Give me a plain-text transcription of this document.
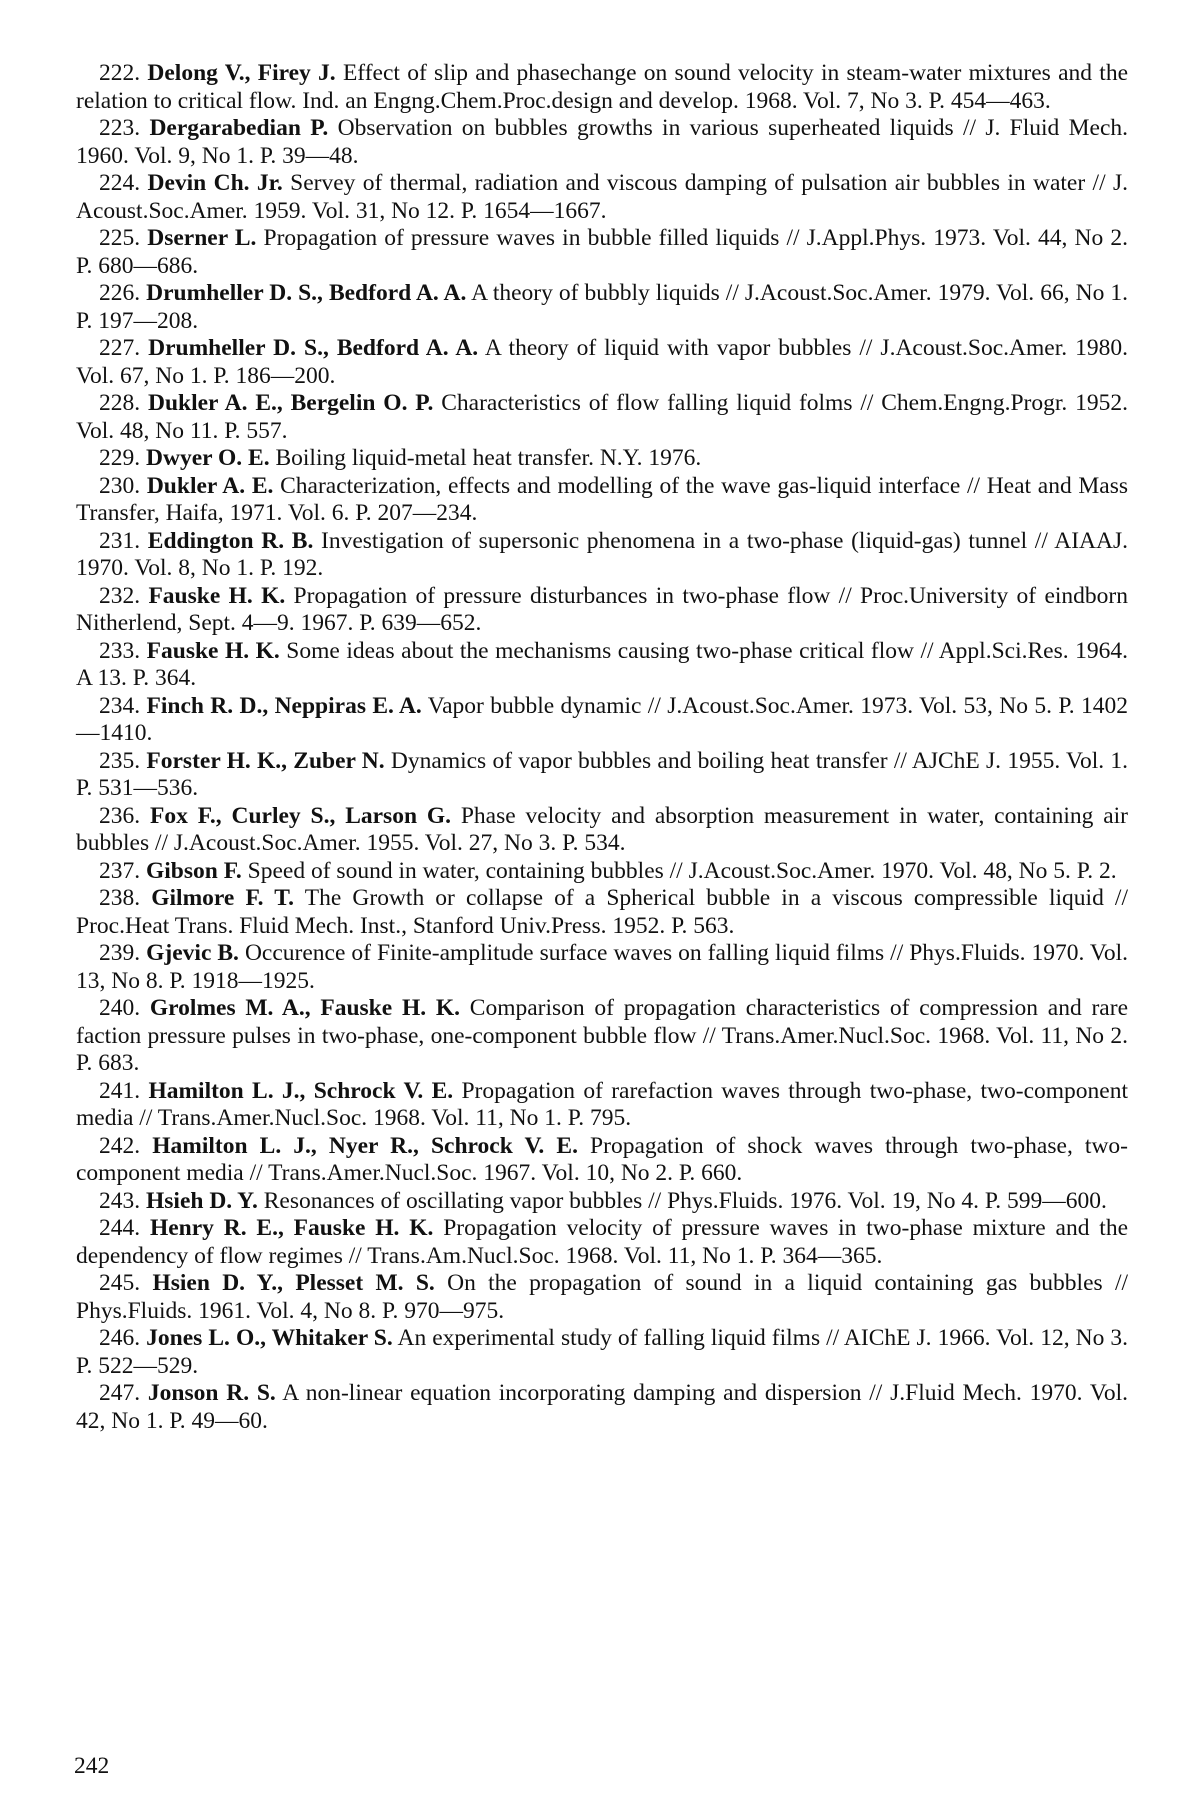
222. Delong V., Firey J. Effect of slip and phasechange on sound velocity in steam-water mixtures and the relation to critical flow. Ind. an Engng.Chem.Proc.design and develop. 1968. Vol. 7, No 3. P. 454—463.
223. Dergarabedian P. Observation on bubbles growths in various superheated liquids // J. Fluid Mech. 1960. Vol. 9, No 1. P. 39—48.
224. Devin Ch. Jr. Servey of thermal, radiation and viscous damping of pulsation air bubbles in water // J. Acoust.Soc.Amer. 1959. Vol. 31, No 12. P. 1654—1667.
225. Dserner L. Propagation of pressure waves in bubble filled liquids // J.Appl.Phys. 1973. Vol. 44, No 2. P. 680—686.
226. Drumheller D. S., Bedford A. A. A theory of bubbly liquids // J.Acoust.Soc.Amer. 1979. Vol. 66, No 1. P. 197—208.
227. Drumheller D. S., Bedford A. A. A theory of liquid with vapor bubbles // J.Acoust.Soc.Amer. 1980. Vol. 67, No 1. P. 186—200.
228. Dukler A. E., Bergelin O. P. Characteristics of flow falling liquid folms // Chem.Engng.Progr. 1952. Vol. 48, No 11. P. 557.
229. Dwyer O. E. Boiling liquid-metal heat transfer. N.Y. 1976.
230. Dukler A. E. Characterization, effects and modelling of the wave gas-liquid interface // Heat and Mass Transfer, Haifa, 1971. Vol. 6. P. 207—234.
231. Eddington R. B. Investigation of supersonic phenomena in a two-phase (liquid-gas) tunnel // AIAAJ. 1970. Vol. 8, No 1. P. 192.
232. Fauske H. K. Propagation of pressure disturbances in two-phase flow // Proc.University of eindborn Nitherlend, Sept. 4—9. 1967. P. 639—652.
233. Fauske H. K. Some ideas about the mechanisms causing two-phase critical flow // Appl.Sci.Res. 1964. A 13. P. 364.
234. Finch R. D., Neppiras E. A. Vapor bubble dynamic // J.Acoust.Soc.Amer. 1973. Vol. 53, No 5. P. 1402—1410.
235. Forster H. K., Zuber N. Dynamics of vapor bubbles and boiling heat transfer // AJChE J. 1955. Vol. 1. P. 531—536.
236. Fox F., Curley S., Larson G. Phase velocity and absorption measurement in water, containing air bubbles // J.Acoust.Soc.Amer. 1955. Vol. 27, No 3. P. 534.
237. Gibson F. Speed of sound in water, containing bubbles // J.Acoust.Soc.Amer. 1970. Vol. 48, No 5. P. 2.
238. Gilmore F. T. The Growth or collapse of a Spherical bubble in a viscous compressible liquid // Proc.Heat Trans. Fluid Mech. Inst., Stanford Univ.Press. 1952. P. 563.
239. Gjevic B. Occurence of Finite-amplitude surface waves on falling liquid films // Phys.Fluids. 1970. Vol. 13, No 8. P. 1918—1925.
240. Grolmes M. A., Fauske H. K. Comparison of propagation characteristics of compression and rare faction pressure pulses in two-phase, one-component bubble flow // Trans.Amer.Nucl.Soc. 1968. Vol. 11, No 2. P. 683.
241. Hamilton L. J., Schrock V. E. Propagation of rarefaction waves through two-phase, two-component media // Trans.Amer.Nucl.Soc. 1968. Vol. 11, No 1. P. 795.
242. Hamilton L. J., Nyer R., Schrock V. E. Propagation of shock waves through two-phase, two-component media // Trans.Amer.Nucl.Soc. 1967. Vol. 10, No 2. P. 660.
243. Hsieh D. Y. Resonances of oscillating vapor bubbles // Phys.Fluids. 1976. Vol. 19, No 4. P. 599—600.
244. Henry R. E., Fauske H. K. Propagation velocity of pressure waves in two-phase mixture and the dependency of flow regimes // Trans.Am.Nucl.Soc. 1968. Vol. 11, No 1. P. 364—365.
245. Hsien D. Y., Plesset M. S. On the propagation of sound in a liquid containing gas bubbles // Phys.Fluids. 1961. Vol. 4, No 8. P. 970—975.
246. Jones L. O., Whitaker S. An experimental study of falling liquid films // AIChE J. 1966. Vol. 12, No 3. P. 522—529.
247. Jonson R. S. A non-linear equation incorporating damping and dispersion // J.Fluid Mech. 1970. Vol. 42, No 1. P. 49—60.
242
